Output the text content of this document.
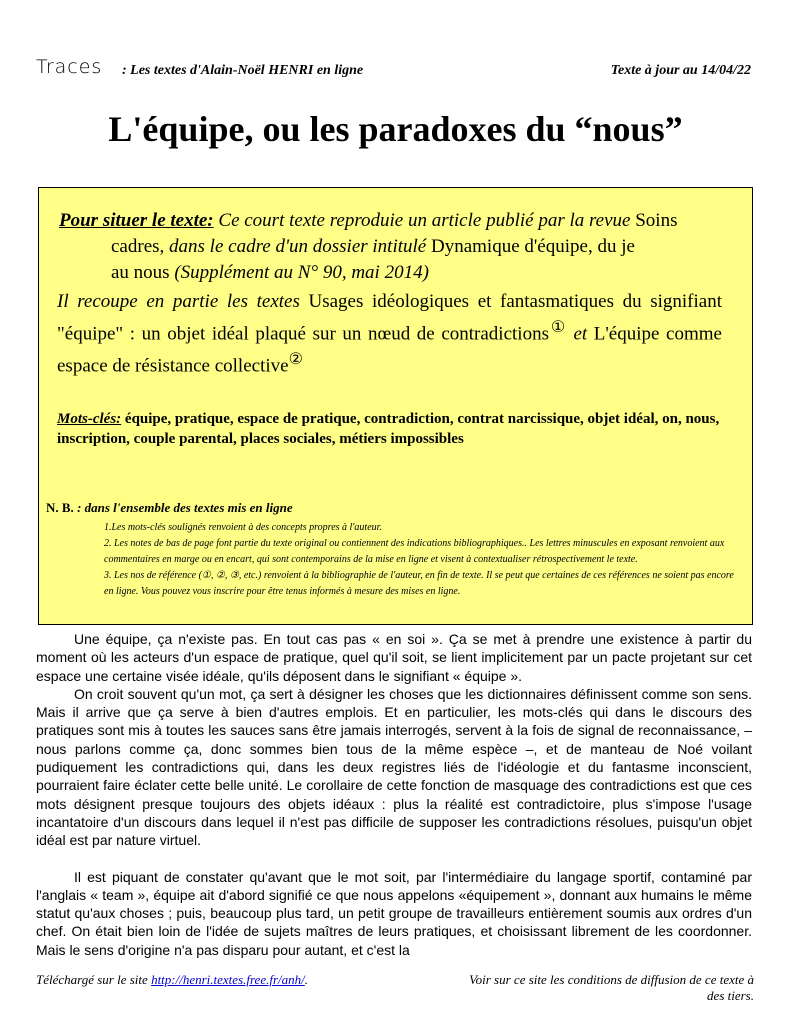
Traces : Les textes d'Alain-Noël HENRI en ligne	Texte à jour au 14/04/22
L'équipe, ou les paradoxes du “nous”
Pour situer le texte: Ce court texte reproduie un article publié par la revue Soins
cadres, dans le cadre d'un dossier intitulé Dynamique d'équipe, du je
au nous (Supplément au N° 90, mai 2014)
Il recoupe en partie les textes Usages idéologiques et fantasmatiques du signifiant "équipe" : un objet idéal plaqué sur un nœud de contradictions① et L'équipe comme espace de résistance collective②
Mots-clés: équipe, pratique, espace de pratique, contradiction, contrat narcissique, objet idéal, on, nous, inscription, couple parental, places sociales, métiers impossibles
N. B. : dans l'ensemble des textes mis en ligne

1.Les mots-clés soulignés renvoient à des concepts propres à l'auteur.

2. Les notes de bas de page font partie du texte original ou contiennent des indications bibliographiques.. Les lettres minuscules en exposant renvoient aux commentaires en marge ou en encart, qui sont contemporains de la mise en ligne et visent à contextualiser rétrospectivement le texte.

3. Les nos de référence (①, ②, ③, etc.) renvoient à la bibliographie de l'auteur, en fin de texte. Il se peut que certaines de ces références ne soient pas encore en ligne. Vous pouvez vous inscrire pour être tenus informés à mesure des mises en ligne.

Une équipe, ça n'existe pas. En tout cas pas « en soi ». Ça se met à prendre une existence à partir du moment où les acteurs d'un espace de pratique, quel qu'il soit, se lient implicitement par un pacte projetant sur cet espace une certaine visée idéale, qu'ils déposent dans le signifiant « équipe ».

On croit souvent qu'un mot, ça sert à désigner les choses que les dictionnaires définissent comme son sens. Mais il arrive que ça serve à bien d'autres emplois. Et en particulier, les mots-clés qui dans le discours des pratiques sont mis à toutes les sauces sans être jamais interrogés, servent à la fois de signal de reconnaissance, – nous parlons comme ça, donc sommes bien tous de la même espèce –, et de manteau de Noé voilant pudiquement les contradictions qui, dans les deux registres liés de l'idéologie et du fantasme inconscient, pourraient faire éclater cette belle unité. Le corollaire de cette fonction de masquage des contradictions est que ces mots désignent presque toujours des objets idéaux : plus la réalité est contradictoire, plus s'impose l'usage incantatoire d'un discours dans lequel il n'est pas difficile de supposer les contradictions résolues, puisqu'un objet idéal est par nature virtuel.

Il est piquant de constater qu'avant que le mot soit, par l'intermédiaire du langage sportif, contaminé par l'anglais « team », équipe ait d'abord signifié ce que nous appelons «équipement », donnant aux humains le même statut qu'aux choses ; puis, beaucoup plus tard, un petit groupe de travailleurs entièrement soumis aux ordres d'un chef. On était bien loin de l'idée de sujets maîtres de leurs pratiques, et choisissant librement de les coordonner. Mais le sens d'origine n'a pas disparu pour autant, et c'est la

Téléchargé sur le site http://henri.textes.free.fr/anh/.	Voir sur ce site les conditions de diffusion de ce texte à des tiers.
